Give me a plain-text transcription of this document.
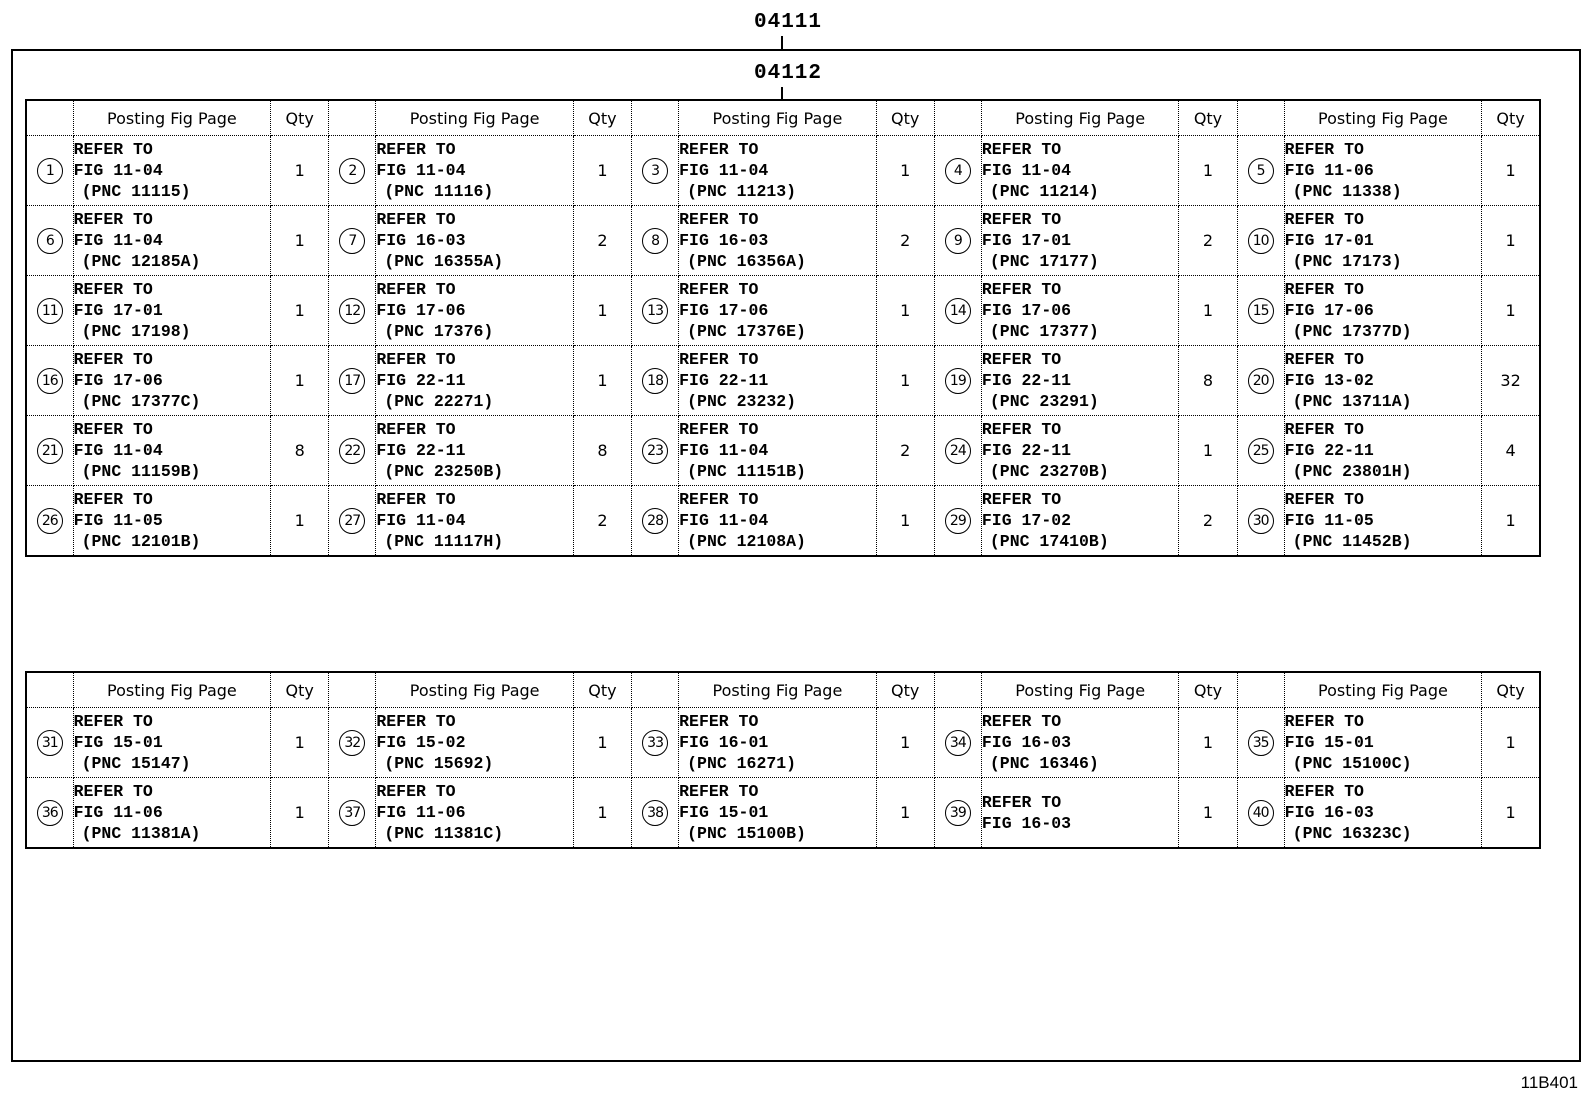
04111
04112
	Posting Fig Page	Qty		Posting Fig Page	Qty		Posting Fig Page	Qty		Posting Fig Page	Qty		Posting Fig Page	Qty
1	REFER TO
FIG 11-04
(PNC 11115)	1	2	REFER TO
FIG 11-04
(PNC 11116)	1	3	REFER TO
FIG 11-04
(PNC 11213)	1	4	REFER TO
FIG 11-04
(PNC 11214)	1	5	REFER TO
FIG 11-06
(PNC 11338)	1
6	REFER TO
FIG 11-04
(PNC 12185A)	1	7	REFER TO
FIG 16-03
(PNC 16355A)	2	8	REFER TO
FIG 16-03
(PNC 16356A)	2	9	REFER TO
FIG 17-01
(PNC 17177)	2	10	REFER TO
FIG 17-01
(PNC 17173)	1
11	REFER TO
FIG 17-01
(PNC 17198)	1	12	REFER TO
FIG 17-06
(PNC 17376)	1	13	REFER TO
FIG 17-06
(PNC 17376E)	1	14	REFER TO
FIG 17-06
(PNC 17377)	1	15	REFER TO
FIG 17-06
(PNC 17377D)	1
16	REFER TO
FIG 17-06
(PNC 17377C)	1	17	REFER TO
FIG 22-11
(PNC 22271)	1	18	REFER TO
FIG 22-11
(PNC 23232)	1	19	REFER TO
FIG 22-11
(PNC 23291)	8	20	REFER TO
FIG 13-02
(PNC 13711A)	32
21	REFER TO
FIG 11-04
(PNC 11159B)	8	22	REFER TO
FIG 22-11
(PNC 23250B)	8	23	REFER TO
FIG 11-04
(PNC 11151B)	2	24	REFER TO
FIG 22-11
(PNC 23270B)	1	25	REFER TO
FIG 22-11
(PNC 23801H)	4
26	REFER TO
FIG 11-05
(PNC 12101B)	1	27	REFER TO
FIG 11-04
(PNC 11117H)	2	28	REFER TO
FIG 11-04
(PNC 12108A)	1	29	REFER TO
FIG 17-02
(PNC 17410B)	2	30	REFER TO
FIG 11-05
(PNC 11452B)	1
	Posting Fig Page	Qty		Posting Fig Page	Qty		Posting Fig Page	Qty		Posting Fig Page	Qty		Posting Fig Page	Qty
31	REFER TO
FIG 15-01
(PNC 15147)	1	32	REFER TO
FIG 15-02
(PNC 15692)	1	33	REFER TO
FIG 16-01
(PNC 16271)	1	34	REFER TO
FIG 16-03
(PNC 16346)	1	35	REFER TO
FIG 15-01
(PNC 15100C)	1
36	REFER TO
FIG 11-06
(PNC 11381A)	1	37	REFER TO
FIG 11-06
(PNC 11381C)	1	38	REFER TO
FIG 15-01
(PNC 15100B)	1	39	REFER TO
FIG 16-03	1	40	REFER TO
FIG 16-03
(PNC 16323C)	1
11B401
